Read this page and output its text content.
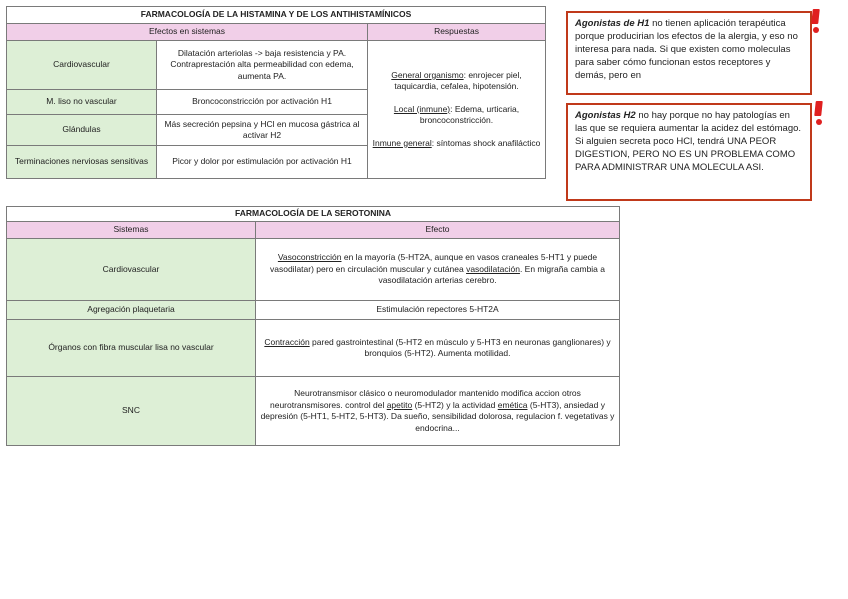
FARMACOLOGÍA DE LA HISTAMINA Y DE LOS ANTIHISTAMÍNICOS		
Efectos en sistemas		Respuestas
Cardiovascular	Dilatación arteriolas -> baja resistencia y PA. Contraprestación alta permeabilidad con edema, aumenta PA.	General organismo: enrojecer piel, taquicardia, cefalea, hipotensión.

Local (inmune): Edema, urticaria, broncoconstricción.

Inmune general: síntomas shock anafiláctico

M. liso no vascular	Broncoconstricción por activación H1	
Glándulas	Más secreción pepsina y HCl en mucosa gástrica al activar H2	
Terminaciones nerviosas sensitivas	Picor y dolor por estimulación por activación H1	
FARMACOLOGÍA DE LA SEROTONINA	
Sistemas	Efecto
Cardiovascular	Vasoconstricción en la mayoría (5-HT2A, aunque en vasos craneales 5-HT1 y puede vasodilatar) pero en circulación muscular y cutánea vasodilatación. En migraña cambia a vasodilatación arterias cerebro.
Agregación plaquetaria	Estimulación repectores 5-HT2A
Órganos con fibra muscular lisa no vascular	Contracción pared gastrointestinal (5-HT2 en músculo y 5-HT3 en neuronas ganglionares) y bronquios (5-HT2). Aumenta motilidad.
SNC	Neurotransmisor clásico o neuromodulador mantenido modifica accion otros neurotransmisores. control del apetito (5-HT2) y la actividad emética (5-HT3), ansiedad y depresión (5-HT1, 5-HT2, 5-HT3). Da sueño, sensibilidad dolorosa, regulacion f. vegetativas y endocrina...
Agonistas de H1 no tienen aplicación terapéutica porque producirian los efectos de la alergia, y eso no interesa para nada. Si que existen como moleculas para saber cómo funcionan estos receptores y demás, pero en
Agonistas H2 no hay porque no hay patologías en las que se requiera aumentar la acidez del estómago. Si alguien secreta poco HCl, tendrá UNA PEOR DIGESTION, PERO NO ES UN PROBLEMA COMO PARA ADMINISTRAR UNA MOLECULA ASI.
